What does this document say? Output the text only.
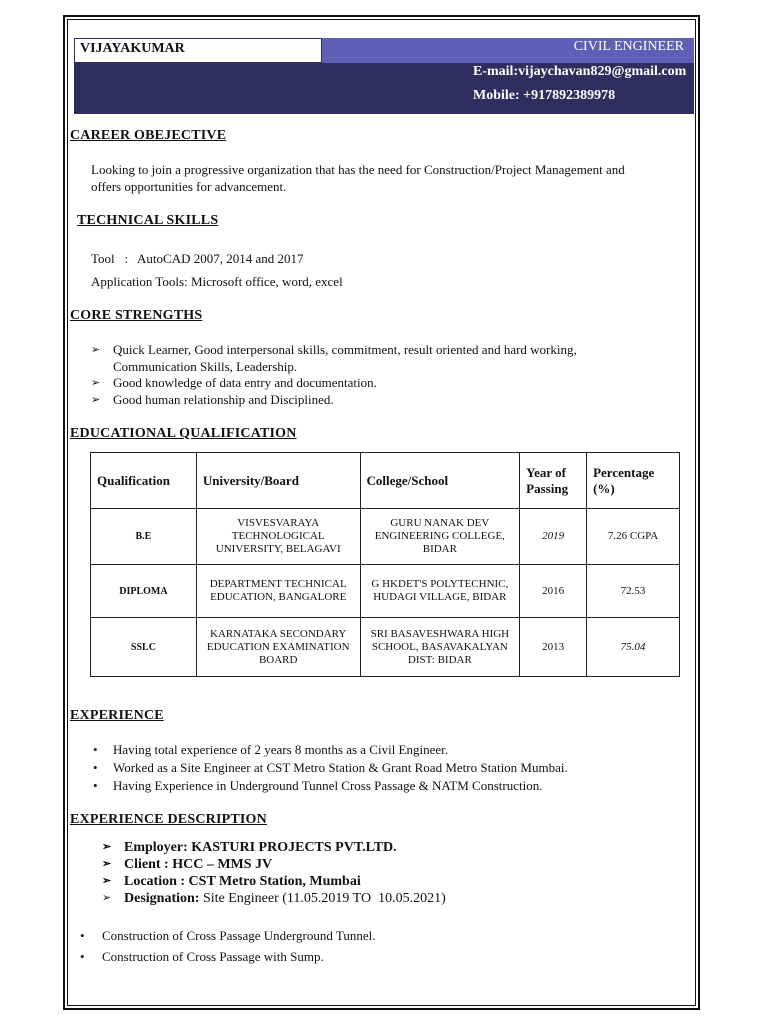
VIJAYAKUMAR	CIVIL ENGINEER
E-mail:vijaychavan829@gmail.com
Mobile: +917892389978
CAREER OBEJECTIVE
Looking to join a progressive organization that has the need for Construction/Project Management and
offers opportunities for advancement.
TECHNICAL SKILLS
Tool   :   AutoCAD 2007, 2014 and 2017
Application Tools: Microsoft office, word, excel
CORE STRENGTHS
➢ Quick Learner, Good interpersonal skills, commitment, result oriented and hard working,
Communication Skills, Leadership.
➢ Good knowledge of data entry and documentation.
➢ Good human relationship and Disciplined.
EDUCATIONAL QUALIFICATION
Qualification	University/Board	College/School	Year of Passing	Percentage (%)
B.E	VISVESVARAYA TECHNOLOGICAL UNIVERSITY, BELAGAVI	GURU NANAK DEV ENGINEERING COLLEGE, BIDAR	2019	7.26 CGPA
DIPLOMA	DEPARTMENT TECHNICAL EDUCATION, BANGALORE	G HKDET'S POLYTECHNIC, HUDAGI VILLAGE, BIDAR	2016	72.53
SSLC	KARNATAKA SECONDARY EDUCATION EXAMINATION BOARD	SRI BASAVESHWARA HIGH SCHOOL, BASAVAKALYAN DIST: BIDAR	2013	75.04
EXPERIENCE
• Having total experience of 2 years 8 months as a Civil Engineer.
• Worked as a Site Engineer at CST Metro Station & Grant Road Metro Station Mumbai.
• Having Experience in Underground Tunnel Cross Passage & NATM Construction.
EXPERIENCE DESCRIPTION
➢ Employer: KASTURI PROJECTS PVT.LTD.
➢ Client : HCC – MMS JV
➢ Location : CST Metro Station, Mumbai
➢ Designation: Site Engineer (11.05.2019 TO  10.05.2021)
• Construction of Cross Passage Underground Tunnel.
• Construction of Cross Passage with Sump.
